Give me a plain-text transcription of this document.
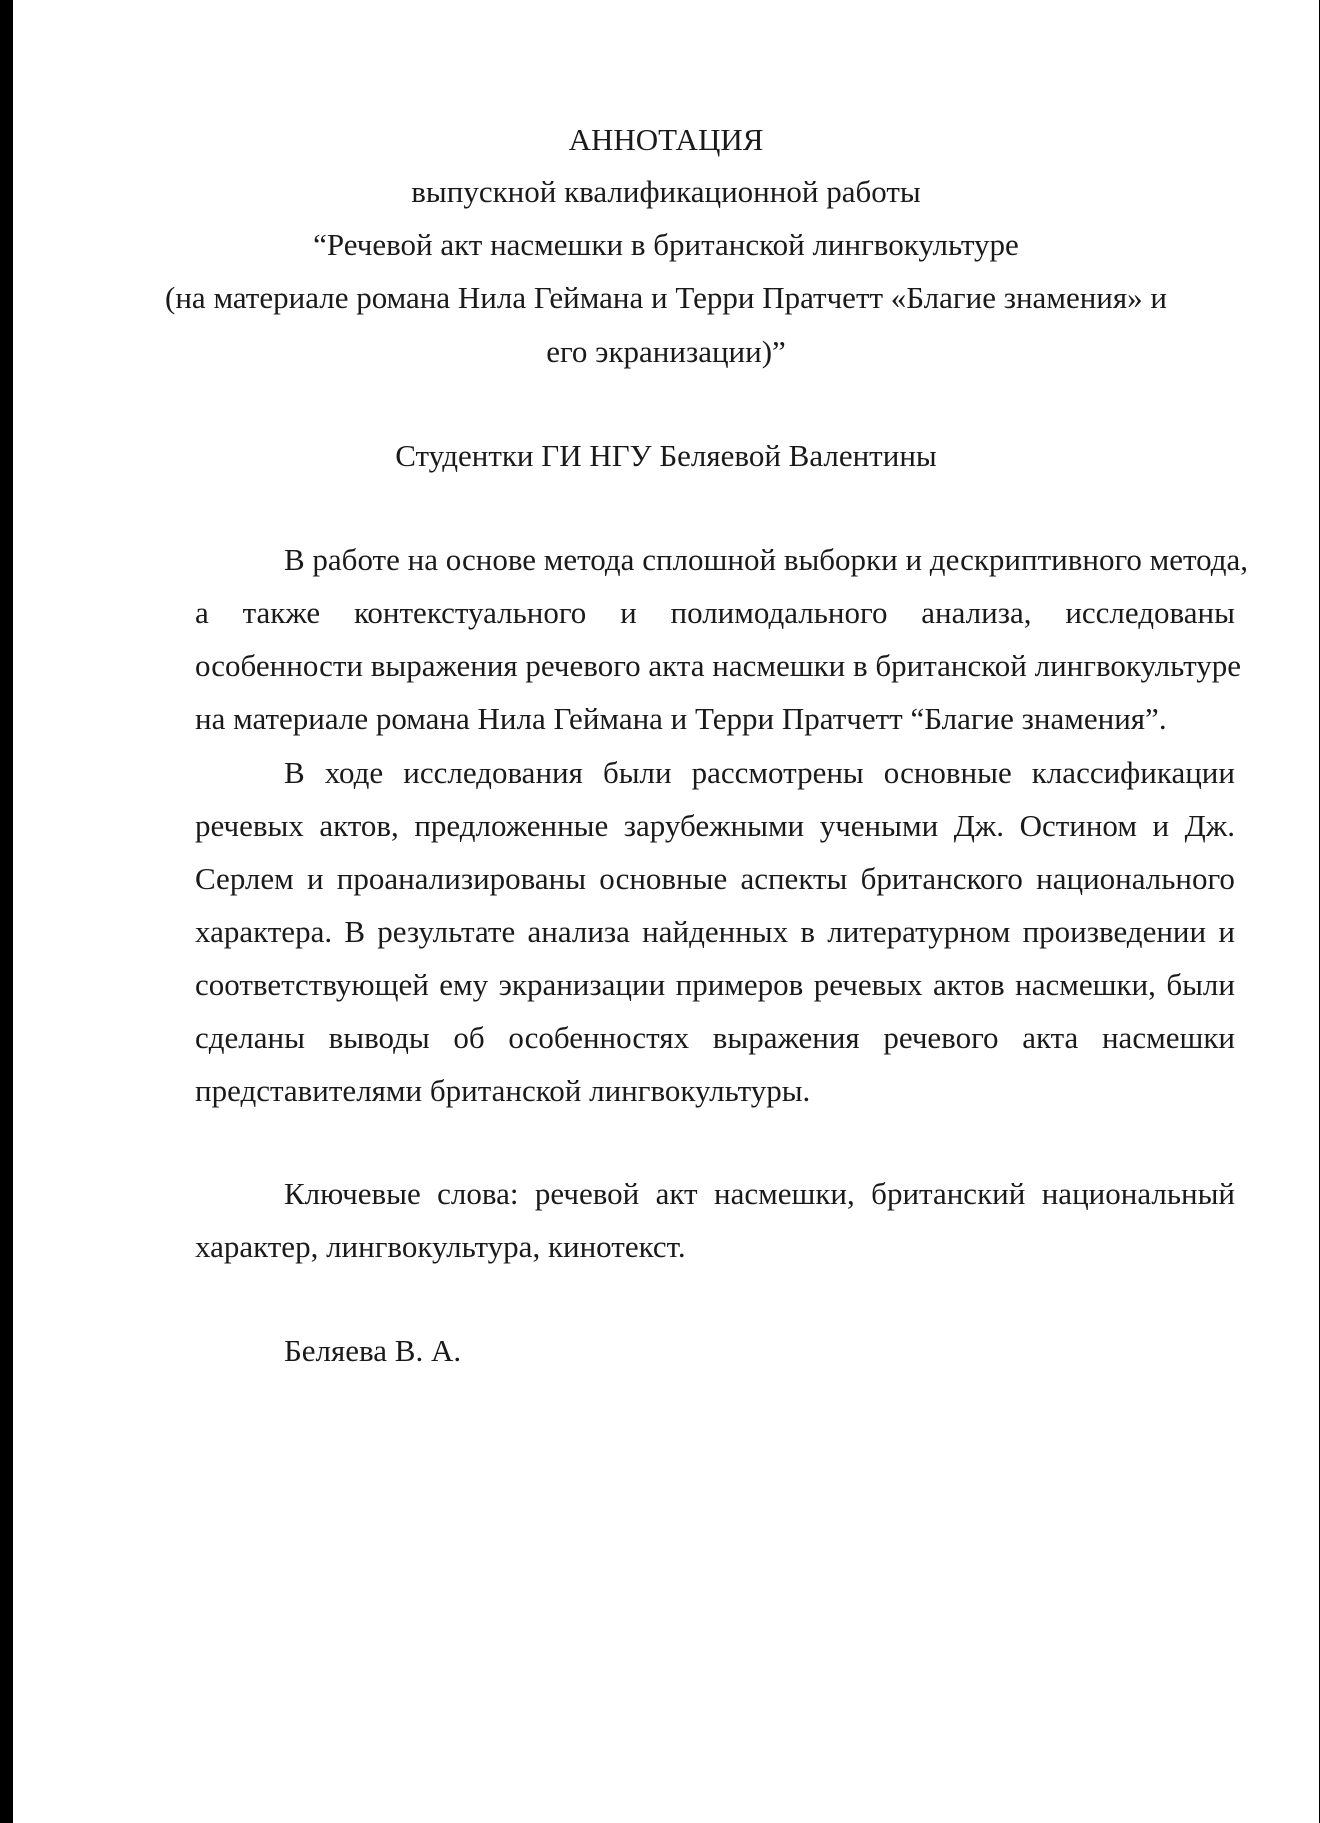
АННОТАЦИЯ
выпускной квалификационной работы
“Речевой акт насмешки в британской лингвокультуре
(на материале романа Нила Геймана и Терри Пратчетт «Благие знамения» и
его экранизации)”
Студентки ГИ НГУ Беляевой Валентины
В работе на основе метода сплошной выборки и дескриптивного метода,
а также контекстуального и полимодального анализа, исследованы
особенности выражения речевого акта насмешки в британской лингвокультуре
на материале романа Нила Геймана и Терри Пратчетт “Благие знамения”.
В ходе исследования были рассмотрены основные классификации
речевых актов, предложенные зарубежными учеными Дж. Остином и Дж.
Серлем и проанализированы основные аспекты британского национального
характера. В результате анализа найденных в литературном произведении и
соответствующей ему экранизации примеров речевых актов насмешки, были
сделаны выводы об особенностях выражения речевого акта насмешки
представителями британской лингвокультуры.
Ключевые слова: речевой акт насмешки, британский национальный
характер, лингвокультура, кинотекст.
Беляева В. А.
